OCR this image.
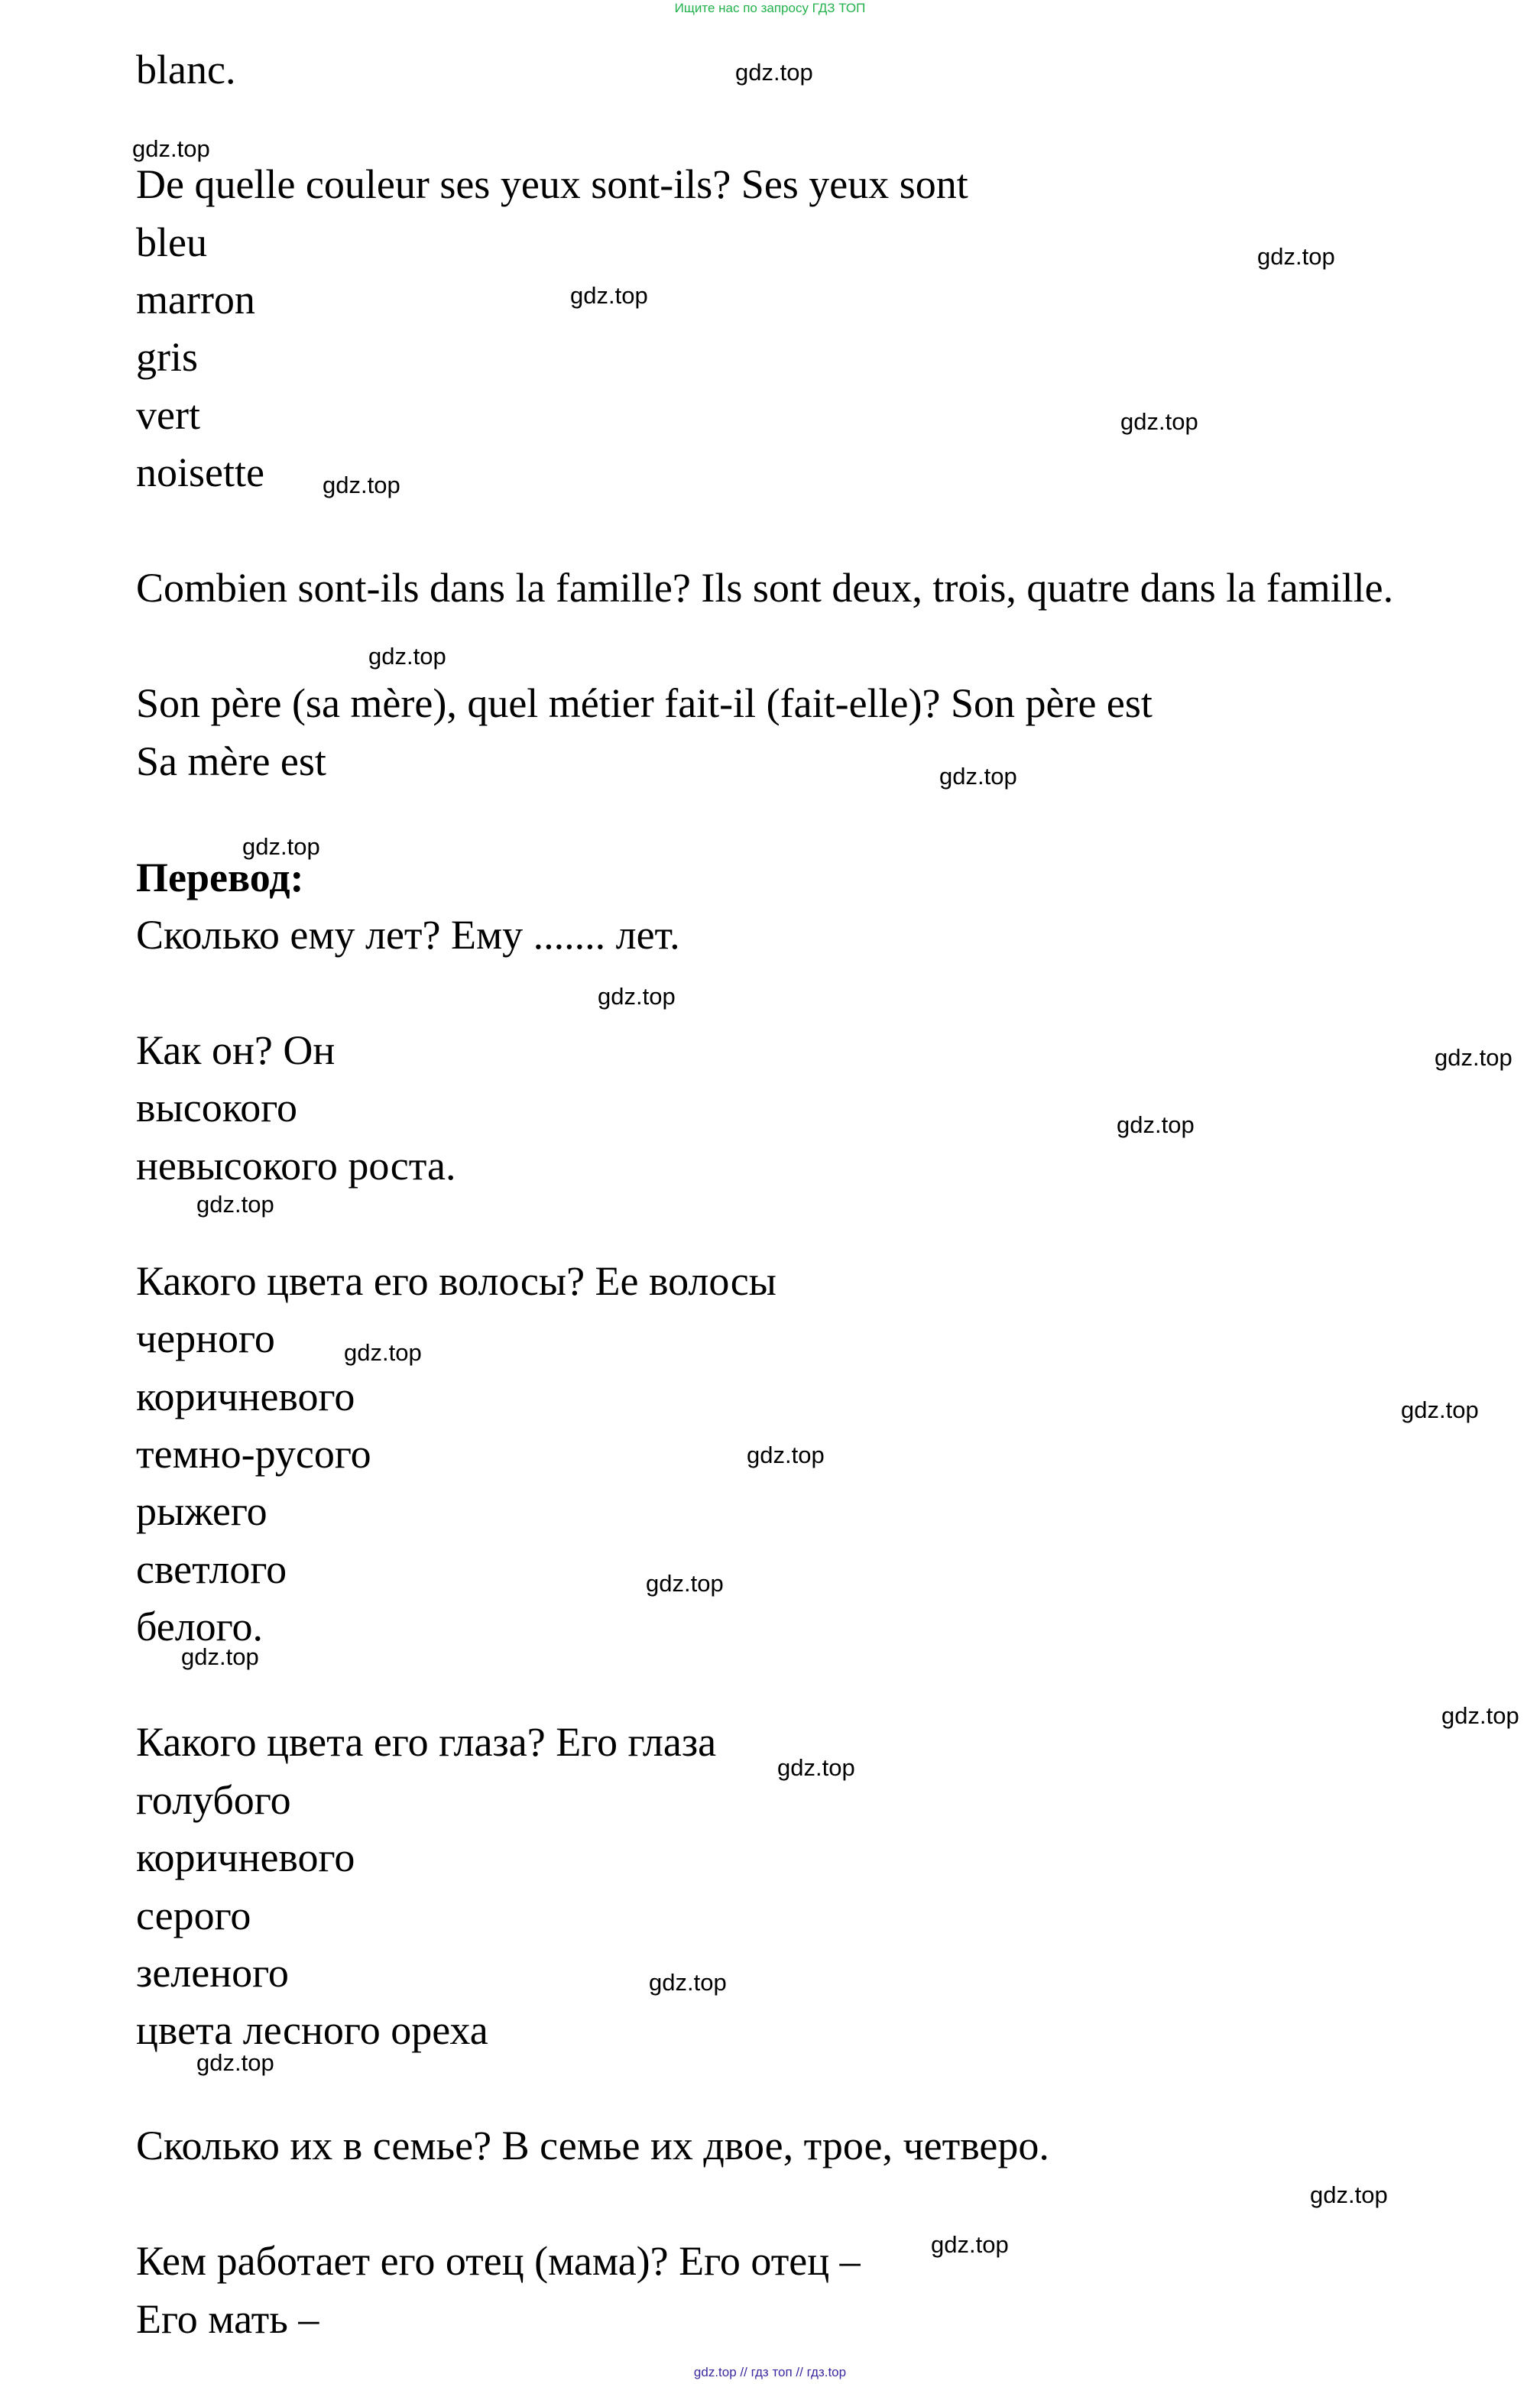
Ищите нас по запросу ГДЗ ТОП
blanc.
De quelle couleur ses yeux sont-ils? Ses yeux sont
bleu
marron
gris
vert
noisette
Combien sont-ils dans la famille? Ils sont deux, trois, quatre dans la famille.
Son père (sa mère), quel métier fait-il (fait-elle)? Son père est
Sa mère est
Перевод:
Сколько ему лет? Ему ....... лет.
Как он? Он
высокого
невысокого роста.
Какого цвета его волосы? Ее волосы
черного
коричневого
темно-русого
рыжего
светлого
белого.
Какого цвета его глаза? Его глаза
голубого
коричневого
серого
зеленого
цвета лесного ореха
Сколько их в семье? В семье их двое, трое, четверо.
Кем работает его отец (мама)? Его отец –
Его мать –
gdz.top
gdz.top
gdz.top
gdz.top
gdz.top
gdz.top
gdz.top
gdz.top
gdz.top
gdz.top
gdz.top
gdz.top
gdz.top
gdz.top
gdz.top
gdz.top
gdz.top
gdz.top
gdz.top
gdz.top
gdz.top
gdz.top
gdz.top
gdz.top
gdz.top // гдз топ // гдз.top
